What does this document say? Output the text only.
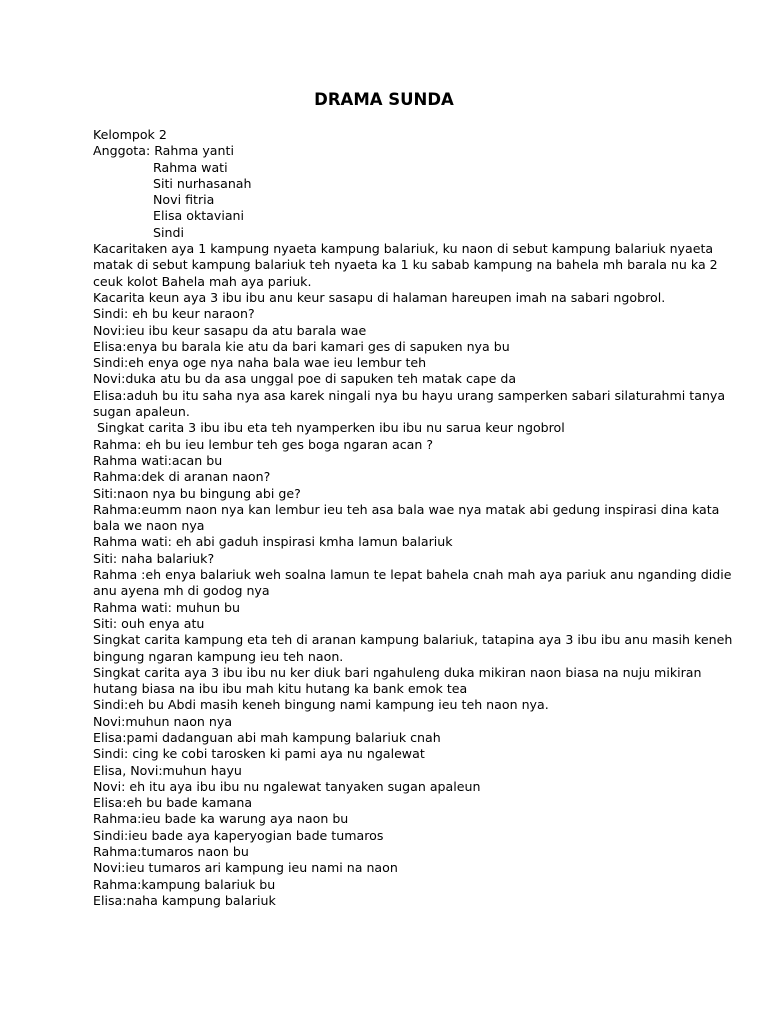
DRAMA SUNDA
Kelompok 2
Anggota: Rahma yanti
Rahma wati
Siti nurhasanah
Novi fitria
Elisa oktaviani
Sindi
Kacaritaken aya 1 kampung nyaeta kampung balariuk, ku naon di sebut kampung balariuk nyaeta
matak di sebut kampung balariuk teh nyaeta ka 1 ku sabab kampung na bahela mh barala nu ka 2
ceuk kolot Bahela mah aya pariuk.
Kacarita keun aya 3 ibu ibu anu keur sasapu di halaman hareupen imah na sabari ngobrol.
Sindi: eh bu keur naraon?
Novi:ieu ibu keur sasapu da atu barala wae
Elisa:enya bu barala kie atu da bari kamari ges di sapuken nya bu
Sindi:eh enya oge nya naha bala wae ieu lembur teh
Novi:duka atu bu da asa unggal poe di sapuken teh matak cape da
Elisa:aduh bu itu saha nya asa karek ningali nya bu hayu urang samperken sabari silaturahmi tanya
sugan apaleun.
Singkat carita 3 ibu ibu eta teh nyamperken ibu ibu nu sarua keur ngobrol
Rahma: eh bu ieu lembur teh ges boga ngaran acan ?
Rahma wati:acan bu
Rahma:dek di aranan naon?
Siti:naon nya bu bingung abi ge?
Rahma:eumm naon nya kan lembur ieu teh asa bala wae nya matak abi gedung inspirasi dina kata
bala we naon nya
Rahma wati: eh abi gaduh inspirasi kmha lamun balariuk
Siti: naha balariuk?
Rahma :eh enya balariuk weh soalna lamun te lepat bahela cnah mah aya pariuk anu nganding didie
anu ayena mh di godog nya
Rahma wati: muhun bu
Siti: ouh enya atu
Singkat carita kampung eta teh di aranan kampung balariuk, tatapina aya 3 ibu ibu anu masih keneh
bingung ngaran kampung ieu teh naon.
Singkat carita aya 3 ibu ibu nu ker diuk bari ngahuleng duka mikiran naon biasa na nuju mikiran
hutang biasa na ibu ibu mah kitu hutang ka bank emok tea
Sindi:eh bu Abdi masih keneh bingung nami kampung ieu teh naon nya.
Novi:muhun naon nya
Elisa:pami dadanguan abi mah kampung balariuk cnah
Sindi: cing ke cobi tarosken ki pami aya nu ngalewat
Elisa, Novi:muhun hayu
Novi: eh itu aya ibu ibu nu ngalewat tanyaken sugan apaleun
Elisa:eh bu bade kamana
Rahma:ieu bade ka warung aya naon bu
Sindi:ieu bade aya kaperyogian bade tumaros
Rahma:tumaros naon bu
Novi:ieu tumaros ari kampung ieu nami na naon
Rahma:kampung balariuk bu
Elisa:naha kampung balariuk
